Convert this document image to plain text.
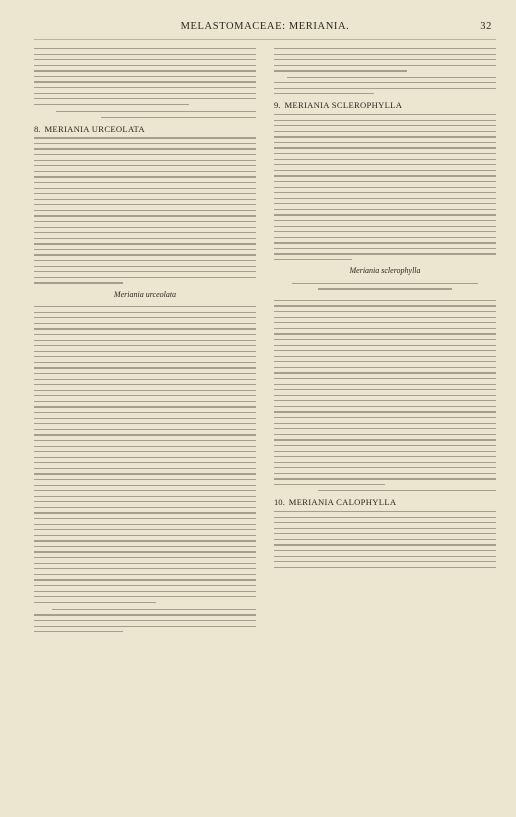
MELASTOMACEAE: MERIANIA.	32
8. MERIANIA URCEOLATA
Meriania urceolata
9. MERIANIA SCLEROPHYLLA
Meriania sclerophylla
10. MERIANIA CALOPHYLLA
